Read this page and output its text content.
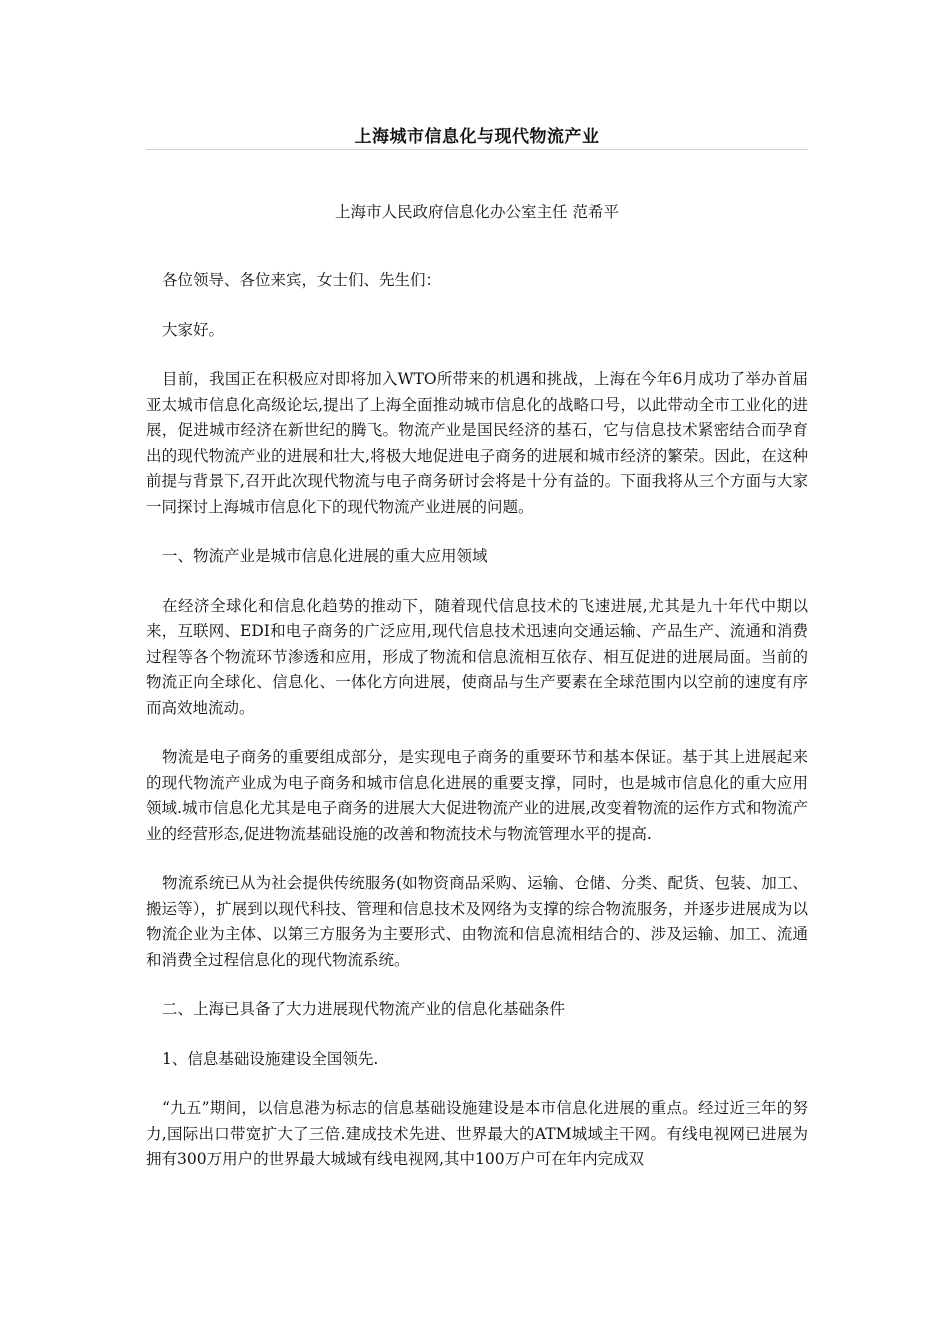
上海城市信息化与现代物流产业
上海市人民政府信息化办公室主任 范希平

各位领导、各位来宾，女士们、先生们：

大家好。

目前，我国正在积极应对即将加入WTO所带来的机遇和挑战，上海在今年6月成功了举办首届亚太城市信息化高级论坛,提出了上海全面推动城市信息化的战略口号，以此带动全市工业化的进展，促进城市经济在新世纪的腾飞。物流产业是国民经济的基石，它与信息技术紧密结合而孕育出的现代物流产业的进展和壮大,将极大地促进电子商务的进展和城市经济的繁荣。因此，在这种前提与背景下,召开此次现代物流与电子商务研讨会将是十分有益的。下面我将从三个方面与大家一同探讨上海城市信息化下的现代物流产业进展的问题。

一、物流产业是城市信息化进展的重大应用领域

在经济全球化和信息化趋势的推动下，随着现代信息技术的飞速进展,尤其是九十年代中期以来，互联网、EDI和电子商务的广泛应用,现代信息技术迅速向交通运输、产品生产、流通和消费过程等各个物流环节渗透和应用，形成了物流和信息流相互依存、相互促进的进展局面。当前的物流正向全球化、信息化、一体化方向进展，使商品与生产要素在全球范围内以空前的速度有序而高效地流动。

物流是电子商务的重要组成部分，是实现电子商务的重要环节和基本保证。基于其上进展起来的现代物流产业成为电子商务和城市信息化进展的重要支撑，同时，也是城市信息化的重大应用领域.城市信息化尤其是电子商务的进展大大促进物流产业的进展,改变着物流的运作方式和物流产业的经营形态,促进物流基础设施的改善和物流技术与物流管理水平的提高.

物流系统已从为社会提供传统服务(如物资商品采购、运输、仓储、分类、配货、包装、加工、搬运等），扩展到以现代科技、管理和信息技术及网络为支撑的综合物流服务，并逐步进展成为以物流企业为主体、以第三方服务为主要形式、由物流和信息流相结合的、涉及运输、加工、流通和消费全过程信息化的现代物流系统。

二、上海已具备了大力进展现代物流产业的信息化基础条件

1、信息基础设施建设全国领先.

“九五”期间，以信息港为标志的信息基础设施建设是本市信息化进展的重点。经过近三年的努力,国际出口带宽扩大了三倍.建成技术先进、世界最大的ATM城域主干网。有线电视网已进展为拥有300万用户的世界最大城域有线电视网,其中100万户可在年内完成双
